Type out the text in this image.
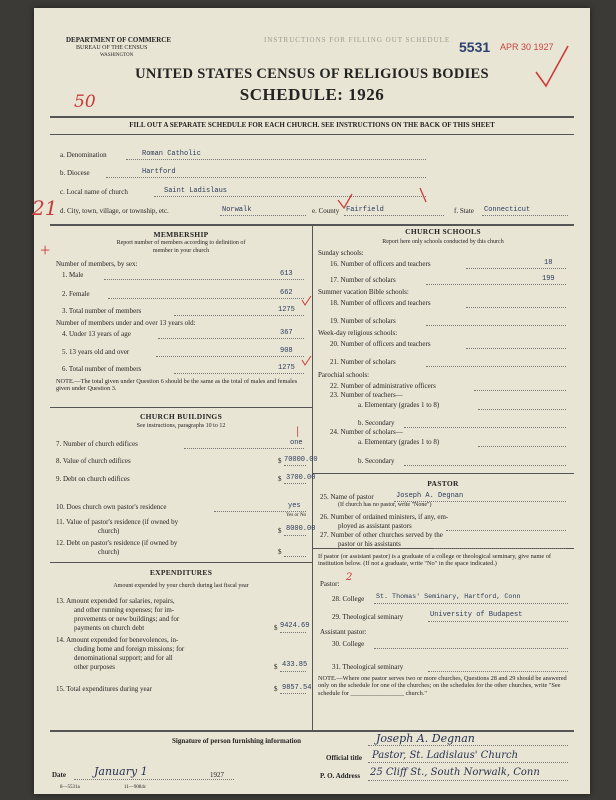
DEPARTMENT OF COMMERCE
BUREAU OF THE CENSUS
WASHINGTON
INSTRUCTIONS FOR FILLING OUT SCHEDULE 5531 APR 30 1927
UNITED STATES CENSUS OF RELIGIOUS BODIES
SCHEDULE: 1926
50
FILL OUT A SEPARATE SCHEDULE FOR EACH CHURCH. SEE INSTRUCTIONS ON THE BACK OF THIS SHEET
a. Denomination	Roman Catholic
b. Diocese	Hartford
c. Local name of church	Saint Ladislaus
d. City, town, village, or township, etc.	Norwalk	e. County Fairfield	f. State Connecticut
21
+
MEMBERSHIP
Report number of members according to definition of
member in your church
Number of members, by sex:
1. Male	613
2. Female	662
3. Total number of members	1275
Number of members under and over 13 years old:
4. Under 13 years of age	367
5. 13 years old and over	908
6. Total number of members	1275
NOTE.—The total given under Question 6 should be the same as the total of males and females given under Question 3.
CHURCH BUILDINGS
See instructions, paragraphs 10 to 12
7. Number of church edifices	one
|
8. Value of church edifices	$ 70000.00
9. Debt on church edifices	$ 3700.00
10. Does church own pastor's residence	yes
Yes or No
11. Value of pastor's residence (if owned by
church)	$ 8000.00
12. Debt on pastor's residence (if owned by
church)	$
EXPENDITURES
Amount expended by your church during last fiscal year
13. Amount expended for salaries, repairs,
and other running expenses; for im-
provements or new buildings; and for
payments on church debt	$ 9424.69
14. Amount expended for benevolences, in-
cluding home and foreign missions; for
denominational support; and for all
other purposes	$ 433.85
15. Total expenditures during year	$ 9857.54
CHURCH SCHOOLS
Report here only schools conducted by this church
Sunday schools:
16. Number of officers and teachers	18
17. Number of scholars	199
Summer vacation Bible schools:
18. Number of officers and teachers
19. Number of scholars
Week-day religious schools:
20. Number of officers and teachers
21. Number of scholars
Parochial schools:
22. Number of administrative officers
23. Number of teachers—
a. Elementary (grades 1 to 8)
b. Secondary
24. Number of scholars—
a. Elementary (grades 1 to 8)
b. Secondary
PASTOR
25. Name of pastor	Joseph A. Degnan
(If church has no pastor, write "None")
26. Number of ordained ministers, if any, em-
ployed as assistant pastors
27. Number of other churches served by the
pastor or his assistants
If pastor (or assistant pastor) is a graduate of a college or theological seminary, give name of institution below. (If not a graduate, write "No" in the space indicated.)
Pastor:
2
28. College St. Thomas' Seminary, Hartford, Conn
29. Theological seminary	University of Budapest
Assistant pastor:
30. College
31. Theological seminary
NOTE.—Where one pastor serves two or more churches, Questions 28 and 29 should be answered only on the schedule for one of the churches; on the schedules for the other churches, write "See schedule for _________________ church."
Signature of person furnishing information	Joseph A. Degnan
Official title Pastor, St. Ladislaus' Church
Date	January 1	1927	P. O. Address 25 Cliff St., South Norwalk, Conn
8—5531a	11—9084c
